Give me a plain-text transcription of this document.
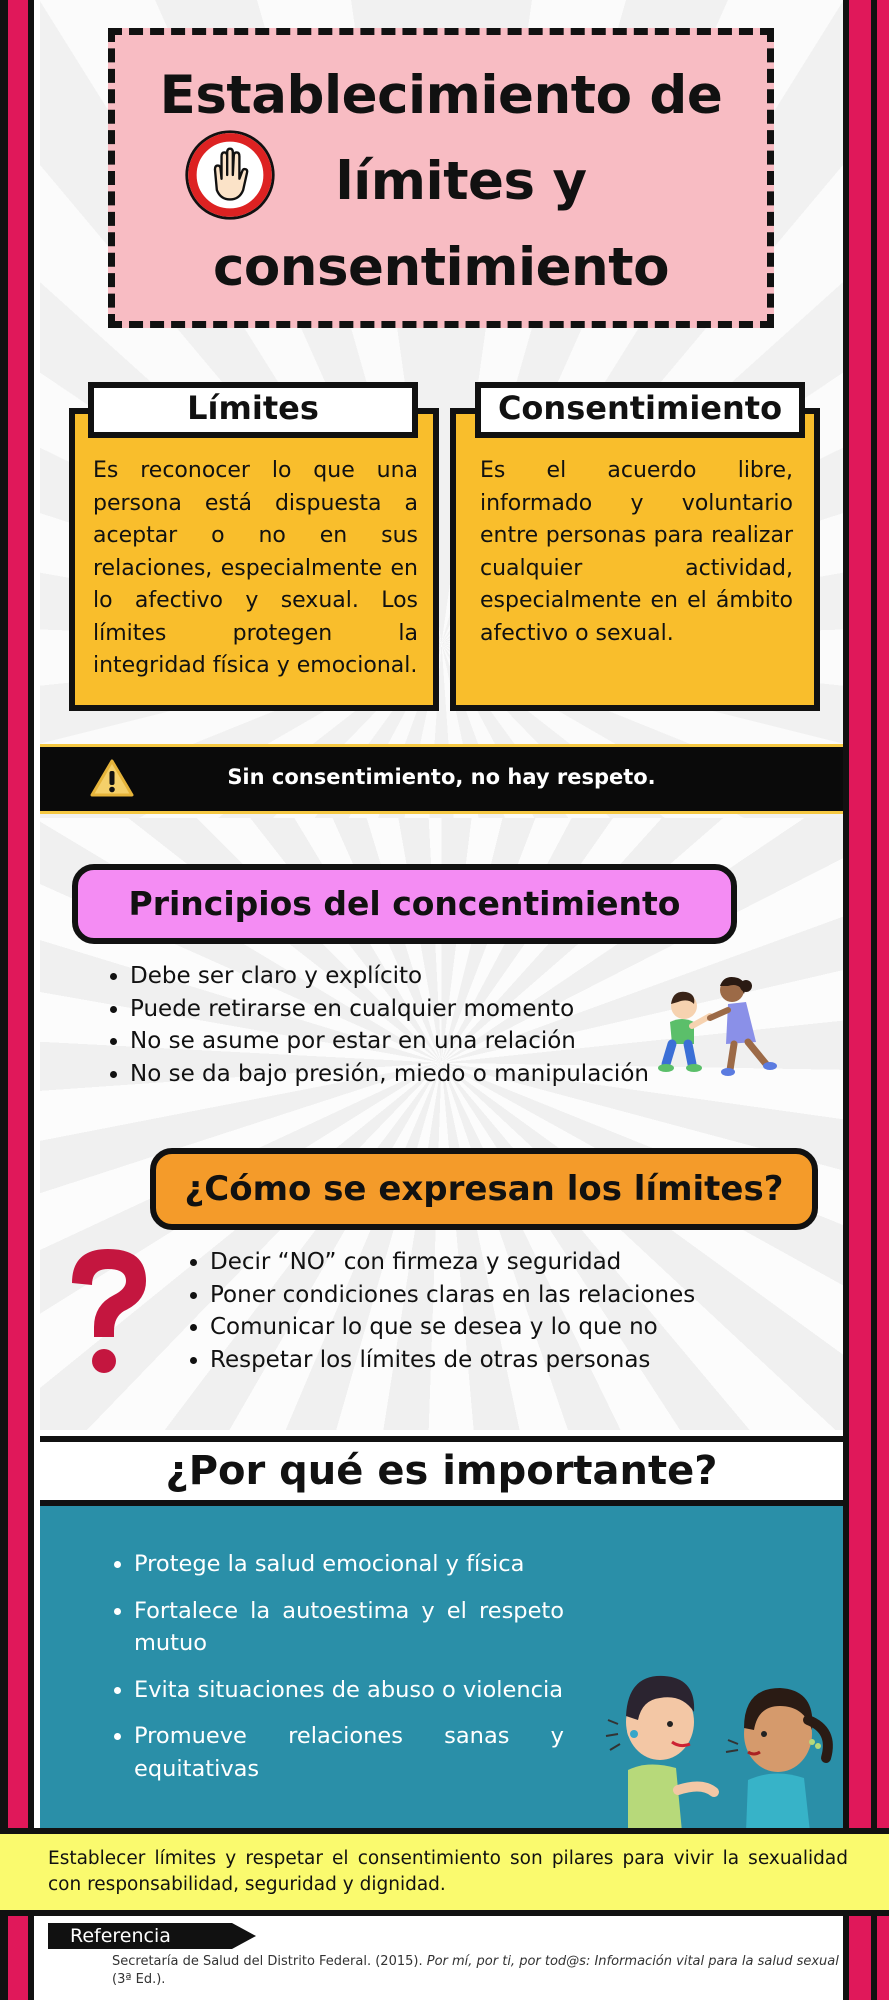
Establecimiento de
límites y
consentimiento
Límites
Es reconocer lo que una persona está dispuesta a aceptar o no en sus relaciones, especialmente en lo afectivo y sexual. Los límites protegen la integridad física y emocional.
Consentimiento
Es el acuerdo libre, informado y voluntario entre personas para realizar cualquier actividad, especialmente en el ámbito afectivo o sexual.
Sin consentimiento, no hay respeto.
Principios del concentimiento
• Debe ser claro y explícito
• Puede retirarse en cualquier momento
• No se asume por estar en una relación
• No se da bajo presión, miedo o manipulación
¿Cómo se expresan los límites?
• Decir “NO” con firmeza y seguridad
• Poner condiciones claras en las relaciones
• Comunicar lo que se desea y lo que no
• Respetar los límites de otras personas
¿Por qué es importante?
• Protege la salud emocional y física
• Fortalece la autoestima y el respeto mutuo
• Evita situaciones de abuso o violencia
• Promueve relaciones sanas y equitativas
Establecer límites y respetar el consentimiento son pilares para vivir la sexualidad con responsabilidad, seguridad y dignidad.
Referencia
Secretaría de Salud del Distrito Federal. (2015). Por mí, por ti, por tod@s: Información vital para la salud sexual (3ª Ed.).
